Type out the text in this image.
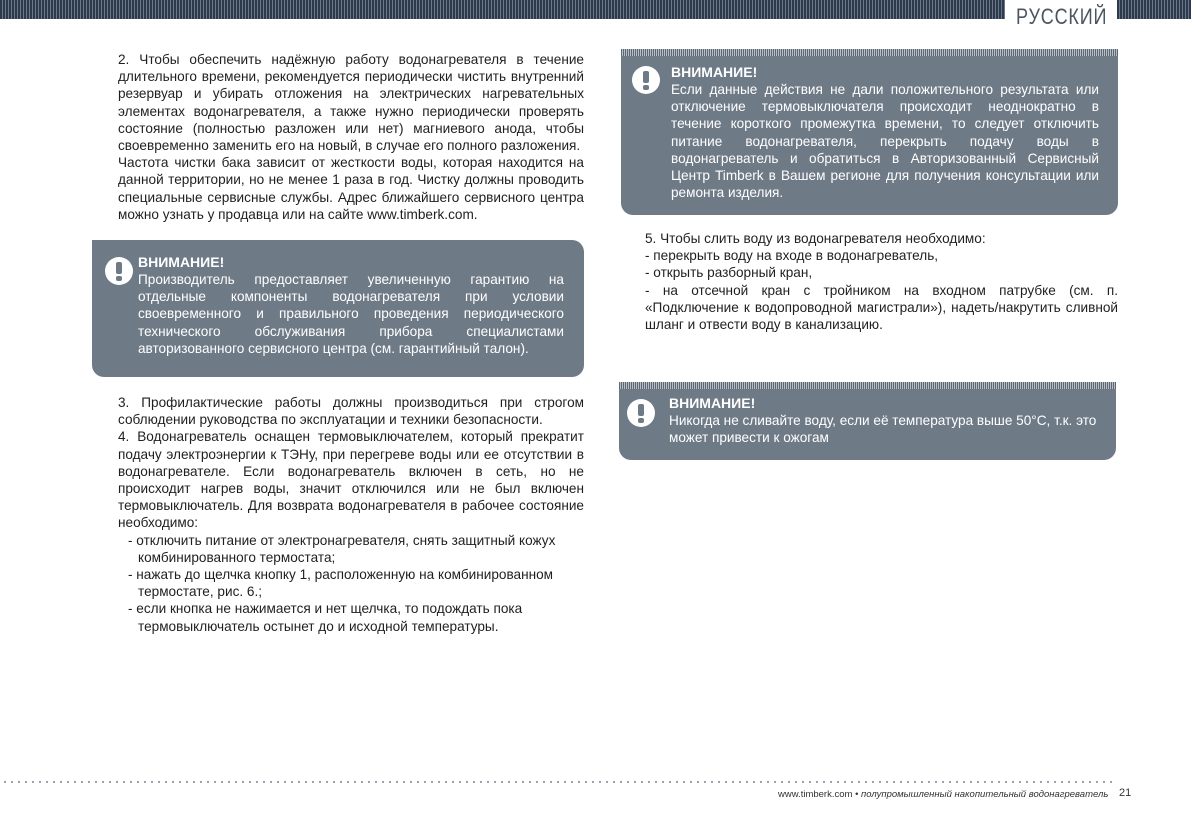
РУССКИЙ

2. Чтобы обеспечить надёжную работу водонагревателя в течение длительного времени, рекомендуется периодически чистить внутренний резервуар и убирать отложения на электрических нагревательных элементах водонагревателя, а также нужно периодически проверять состояние (полностью разложен или нет) магниевого анода, чтобы своевременно заменить его на новый, в случае его полного разложения.

Частота чистки бака зависит от жесткости воды, которая находится на данной территории, но не менее 1 раза в год. Чистку должны проводить специальные сервисные службы. Адрес ближайшего сервисного центра можно узнать у продавца или на сайте www.timberk.com.

ВНИМАНИЕ!
Производитель предоставляет увеличенную гарантию на отдельные компоненты водонагревателя при условии своевременного и правильного проведения периодического технического обслуживания прибора специалистами авторизованного сервисного центра (см. гарантийный талон).

3. Профилактические работы должны производиться при строгом соблюдении руководства по эксплуатации и техники безопасности.

4. Водонагреватель оснащен термовыключателем, который прекратит подачу электроэнергии к ТЭНу, при перегреве воды или ее отсутствии в водонагревателе. Если водонагреватель включен в сеть, но не происходит нагрев воды, значит отключился или не был включен термовыключатель. Для возврата водонагревателя в рабочее состояние необходимо:

- отключить питание от электронагревателя, снять защитный кожух комбинированного термостата;

- нажать до щелчка кнопку 1, расположенную на комбинированном термостате, рис. 6.;

- если кнопка не нажимается и нет щелчка, то подождать пока термовыключатель остынет до и исходной температуры.

ВНИМАНИЕ!
Если данные действия не дали положительного результата или отключение термовыключателя происходит неоднократно в течение короткого промежутка времени, то следует отключить питание водонагревателя, перекрыть подачу воды в водонагреватель и обратиться в Авторизованный Сервисный Центр Timberk в Вашем регионе для получения консультации или ремонта изделия.

5. Чтобы слить воду из водонагревателя необходимо:

- перекрыть воду на входе в водонагреватель,

- открыть разборный кран,

- на отсечной кран с тройником на входном патрубке (см. п. «Подключение к водопроводной магистрали»), надеть/накрутить сливной шланг и отвести воду в канализацию.

ВНИМАНИЕ!
Никогда не сливайте воду, если её температура выше 50°С, т.к. это может привести к ожогам
www.timberk.com • полупромышленный накопительный водонагреватель 21
